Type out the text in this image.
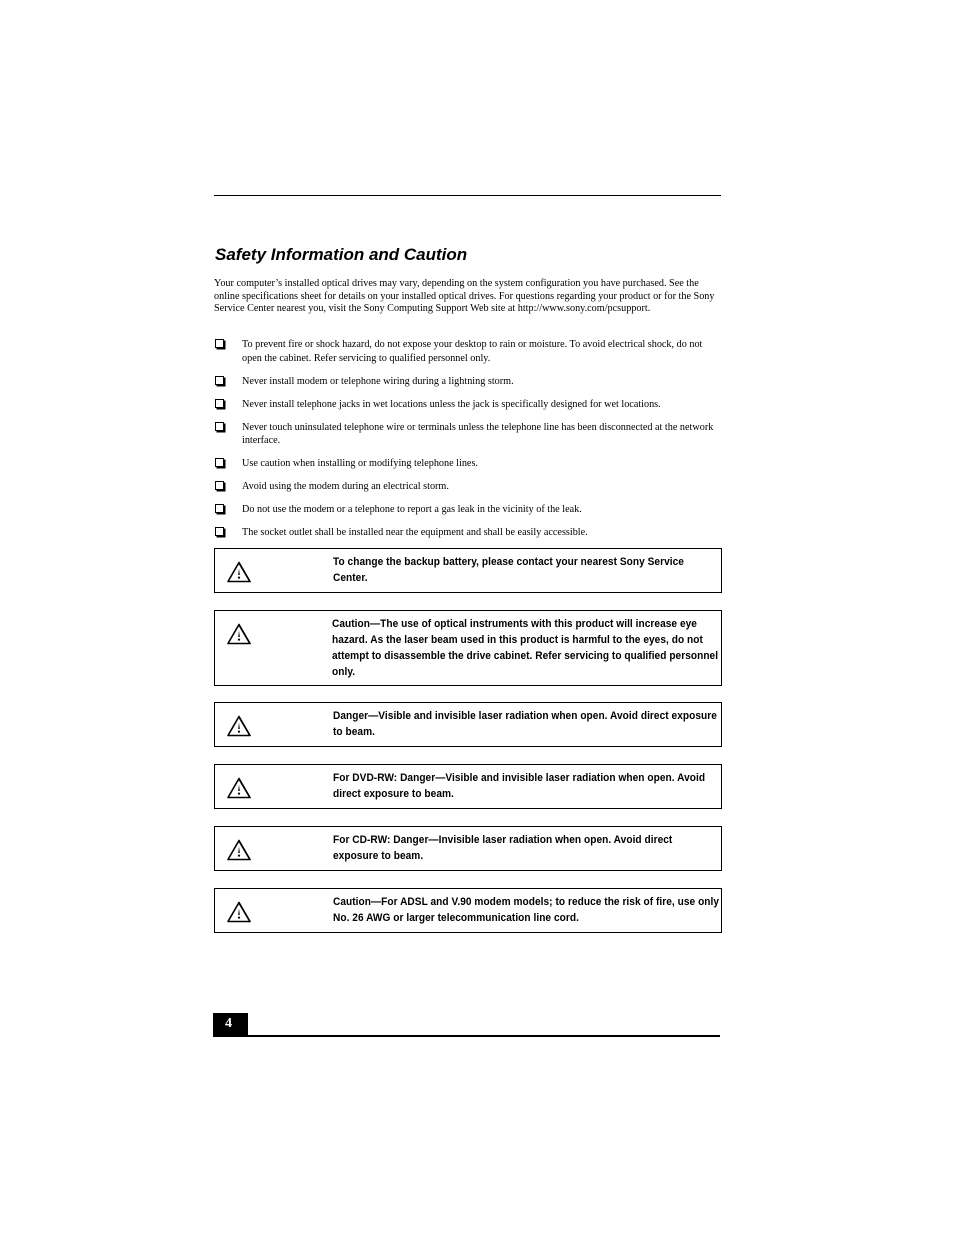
Safety Information and Caution

Your computer’s installed optical drives may vary, depending on the system configuration you have purchased. See the online specifications sheet for details on your installed optical drives. For questions regarding your product or for the Sony Service Center nearest you, visit the Sony Computing Support Web site at http://www.sony.com/pcsupport.

To prevent fire or shock hazard, do not expose your desktop to rain or moisture. To avoid electrical shock, do not open the cabinet. Refer servicing to qualified personnel only.
Never install modem or telephone wiring during a lightning storm.
Never install telephone jacks in wet locations unless the jack is specifically designed for wet locations.
Never touch uninsulated telephone wire or terminals unless the telephone line has been disconnected at the network interface.
Use caution when installing or modifying telephone lines.
Avoid using the modem during an electrical storm.
Do not use the modem or a telephone to report a gas leak in the vicinity of the leak.
The socket outlet shall be installed near the equipment and shall be easily accessible.
To change the backup battery, please contact your nearest Sony Service Center.
Caution—The use of optical instruments with this product will increase eye hazard. As the laser beam used in this product is harmful to the eyes, do not attempt to disassemble the drive cabinet. Refer servicing to qualified personnel only.
Danger—Visible and invisible laser radiation when open. Avoid direct exposure to beam.
For DVD-RW: Danger—Visible and invisible laser radiation when open. Avoid direct exposure to beam.
For CD-RW: Danger—Invisible laser radiation when open. Avoid direct exposure to beam.
Caution—For ADSL and V.90 modem models; to reduce the risk of fire, use only No. 26 AWG or larger telecommunication line cord.
4
